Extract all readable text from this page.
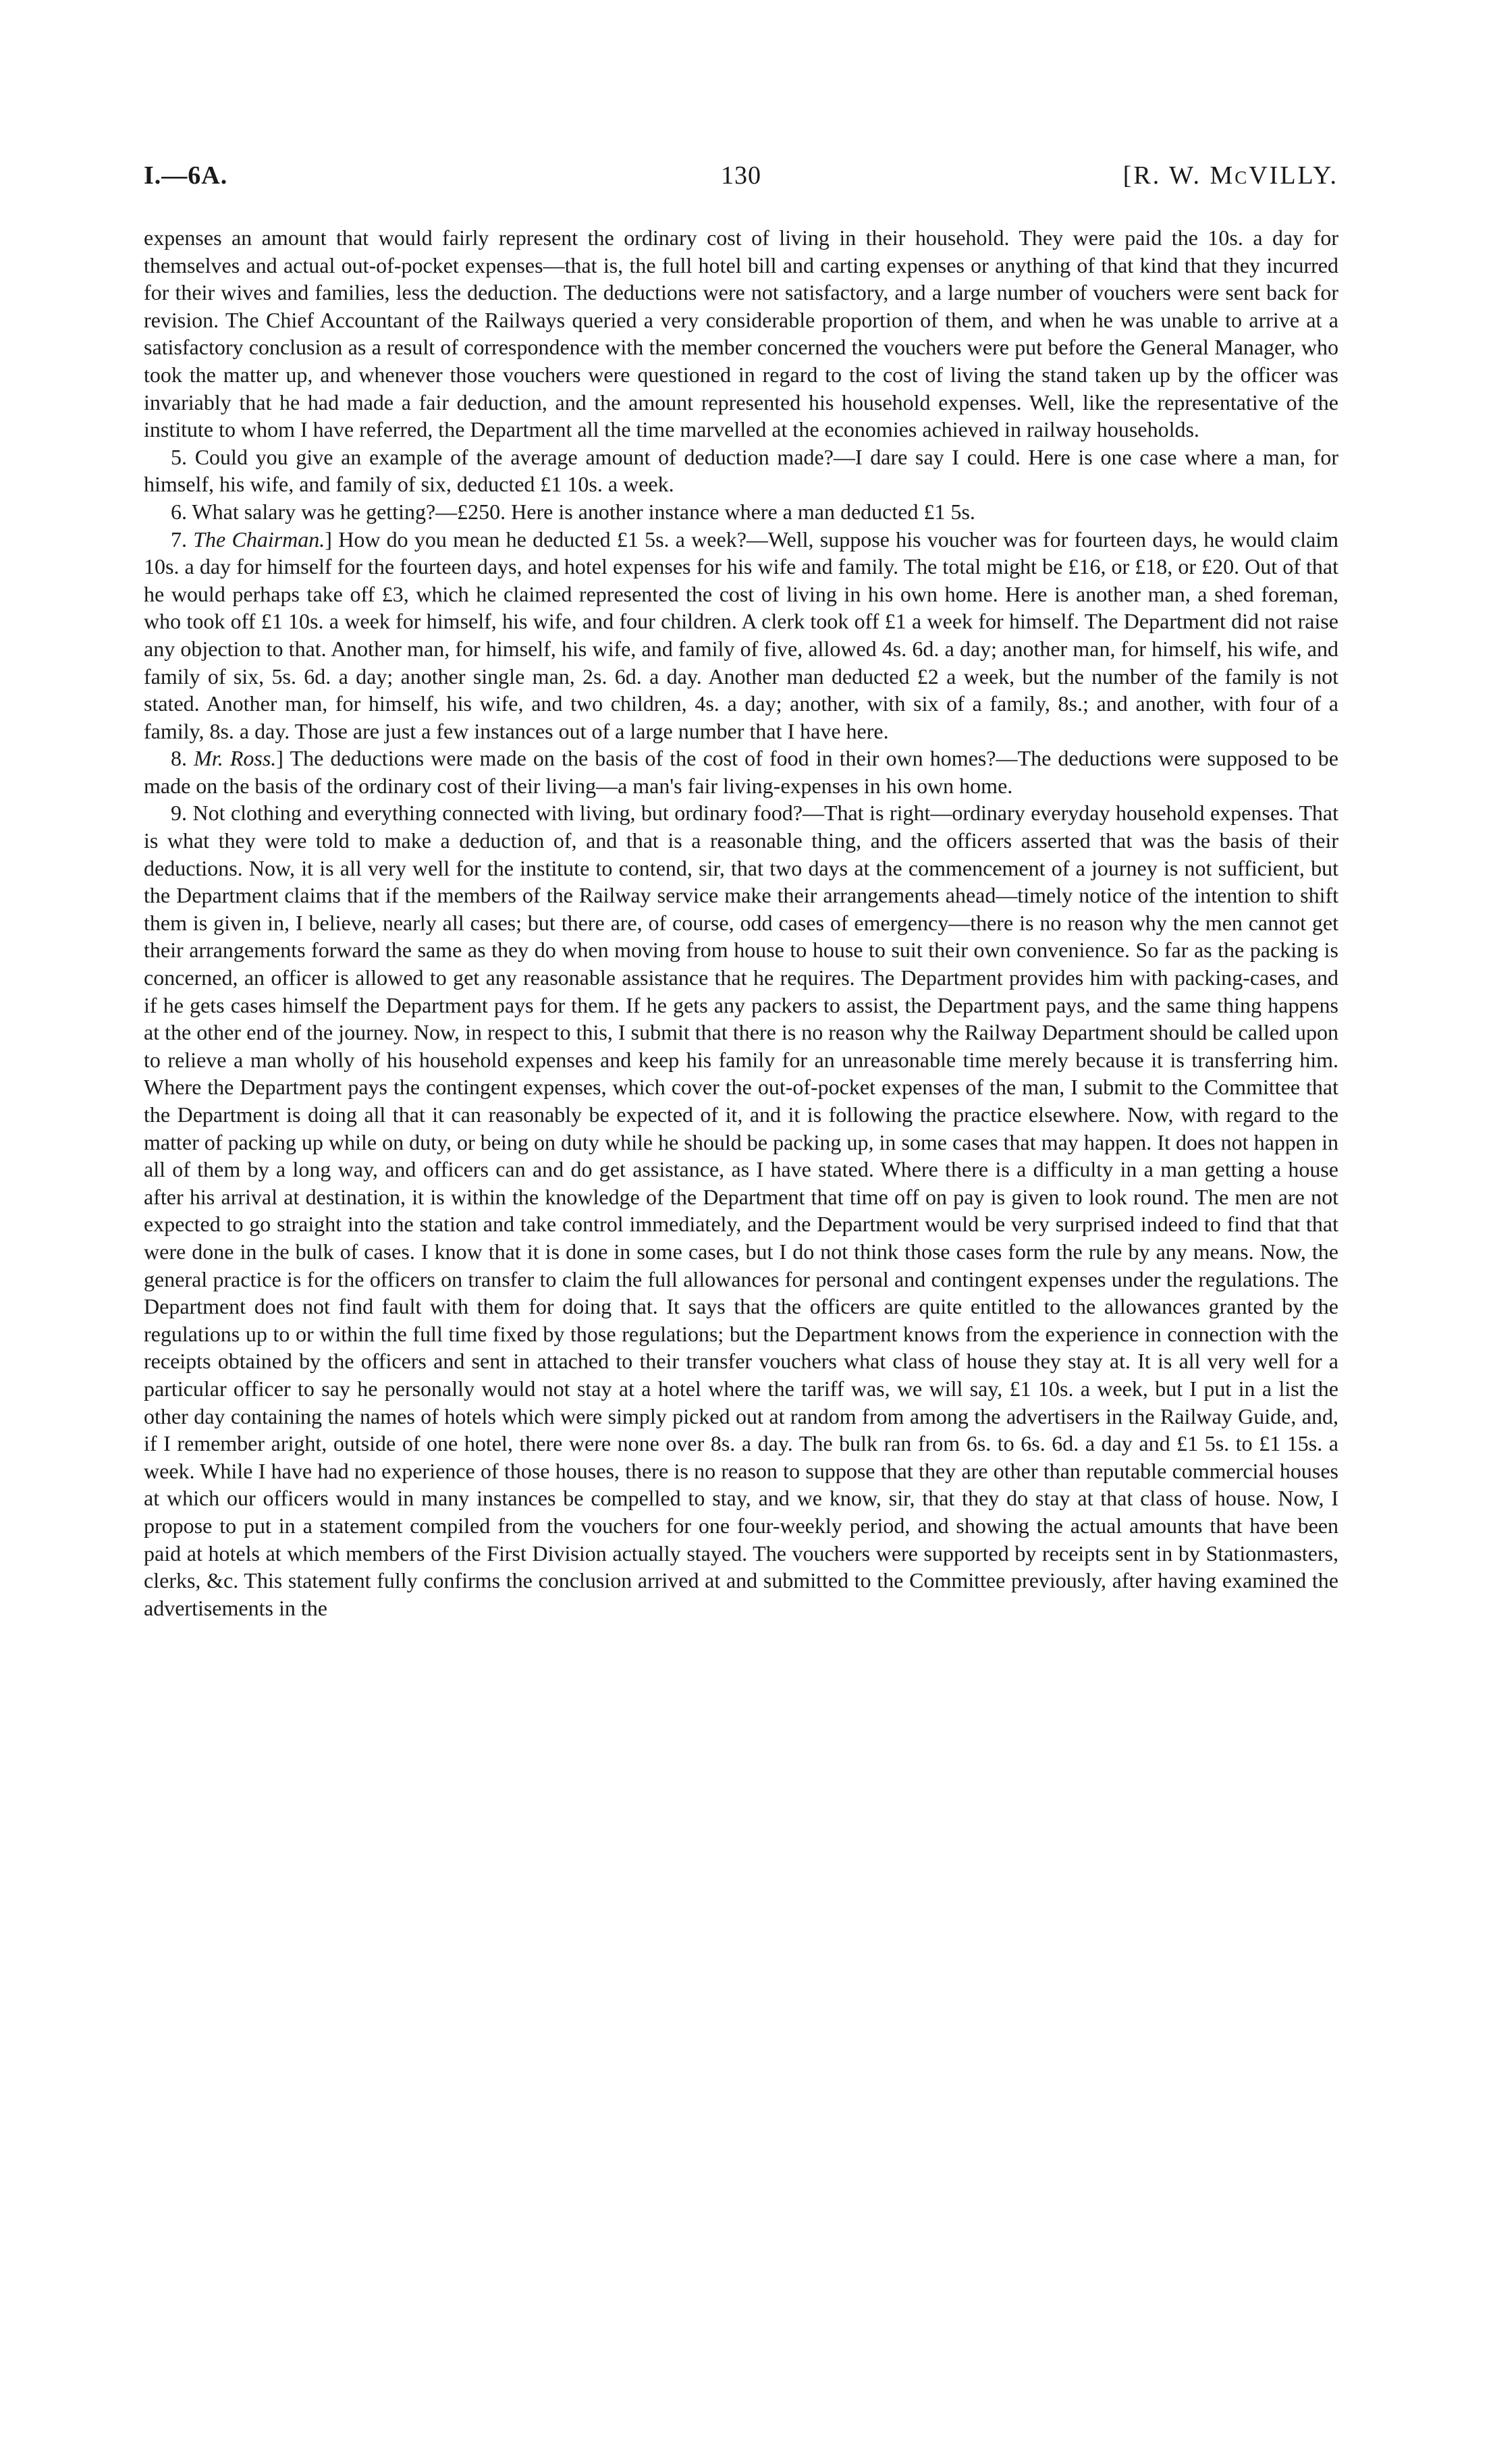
I.—6A.	130	[R. W. McVILLY.

expenses an amount that would fairly represent the ordinary cost of living in their household. They were paid the 10s. a day for themselves and actual out-of-pocket expenses—that is, the full hotel bill and carting expenses or anything of that kind that they incurred for their wives and families, less the deduction. The deductions were not satisfactory, and a large number of vouchers were sent back for revision. The Chief Accountant of the Railways queried a very considerable proportion of them, and when he was unable to arrive at a satisfactory conclusion as a result of correspondence with the member concerned the vouchers were put before the General Manager, who took the matter up, and whenever those vouchers were questioned in regard to the cost of living the stand taken up by the officer was invariably that he had made a fair deduction, and the amount represented his household expenses. Well, like the representative of the institute to whom I have referred, the Department all the time marvelled at the economies achieved in railway households.

5. Could you give an example of the average amount of deduction made?—I dare say I could. Here is one case where a man, for himself, his wife, and family of six, deducted £1 10s. a week.

6. What salary was he getting?—£250. Here is another instance where a man deducted £1 5s.

7. The Chairman.] How do you mean he deducted £1 5s. a week?—Well, suppose his voucher was for fourteen days, he would claim 10s. a day for himself for the fourteen days, and hotel expenses for his wife and family. The total might be £16, or £18, or £20. Out of that he would perhaps take off £3, which he claimed represented the cost of living in his own home. Here is another man, a shed foreman, who took off £1 10s. a week for himself, his wife, and four children. A clerk took off £1 a week for himself. The Department did not raise any objection to that. Another man, for himself, his wife, and family of five, allowed 4s. 6d. a day; another man, for himself, his wife, and family of six, 5s. 6d. a day; another single man, 2s. 6d. a day. Another man deducted £2 a week, but the number of the family is not stated. Another man, for himself, his wife, and two children, 4s. a day; another, with six of a family, 8s.; and another, with four of a family, 8s. a day. Those are just a few instances out of a large number that I have here.

8. Mr. Ross.] The deductions were made on the basis of the cost of food in their own homes?—The deductions were supposed to be made on the basis of the ordinary cost of their living—a man's fair living-expenses in his own home.

9. Not clothing and everything connected with living, but ordinary food?—That is right—ordinary everyday household expenses. That is what they were told to make a deduction of, and that is a reasonable thing, and the officers asserted that was the basis of their deductions. Now, it is all very well for the institute to contend, sir, that two days at the commencement of a journey is not sufficient, but the Department claims that if the members of the Railway service make their arrangements ahead—timely notice of the intention to shift them is given in, I believe, nearly all cases; but there are, of course, odd cases of emergency—there is no reason why the men cannot get their arrangements forward the same as they do when moving from house to house to suit their own convenience. So far as the packing is concerned, an officer is allowed to get any reasonable assistance that he requires. The Department provides him with packing-cases, and if he gets cases himself the Department pays for them. If he gets any packers to assist, the Department pays, and the same thing happens at the other end of the journey. Now, in respect to this, I submit that there is no reason why the Railway Department should be called upon to relieve a man wholly of his household expenses and keep his family for an unreasonable time merely because it is transferring him. Where the Department pays the contingent expenses, which cover the out-of-pocket expenses of the man, I submit to the Committee that the Department is doing all that it can reasonably be expected of it, and it is following the practice elsewhere. Now, with regard to the matter of packing up while on duty, or being on duty while he should be packing up, in some cases that may happen. It does not happen in all of them by a long way, and officers can and do get assistance, as I have stated. Where there is a difficulty in a man getting a house after his arrival at destination, it is within the knowledge of the Department that time off on pay is given to look round. The men are not expected to go straight into the station and take control immediately, and the Department would be very surprised indeed to find that that were done in the bulk of cases. I know that it is done in some cases, but I do not think those cases form the rule by any means. Now, the general practice is for the officers on transfer to claim the full allowances for personal and contingent expenses under the regulations. The Department does not find fault with them for doing that. It says that the officers are quite entitled to the allowances granted by the regulations up to or within the full time fixed by those regulations; but the Department knows from the experience in connection with the receipts obtained by the officers and sent in attached to their transfer vouchers what class of house they stay at. It is all very well for a particular officer to say he personally would not stay at a hotel where the tariff was, we will say, £1 10s. a week, but I put in a list the other day containing the names of hotels which were simply picked out at random from among the advertisers in the Railway Guide, and, if I remember aright, outside of one hotel, there were none over 8s. a day. The bulk ran from 6s. to 6s. 6d. a day and £1 5s. to £1 15s. a week. While I have had no experience of those houses, there is no reason to suppose that they are other than reputable commercial houses at which our officers would in many instances be compelled to stay, and we know, sir, that they do stay at that class of house. Now, I propose to put in a statement compiled from the vouchers for one four-weekly period, and showing the actual amounts that have been paid at hotels at which members of the First Division actually stayed. The vouchers were supported by receipts sent in by Stationmasters, clerks, &c. This statement fully confirms the conclusion arrived at and submitted to the Committee previously, after having examined the advertisements in the
